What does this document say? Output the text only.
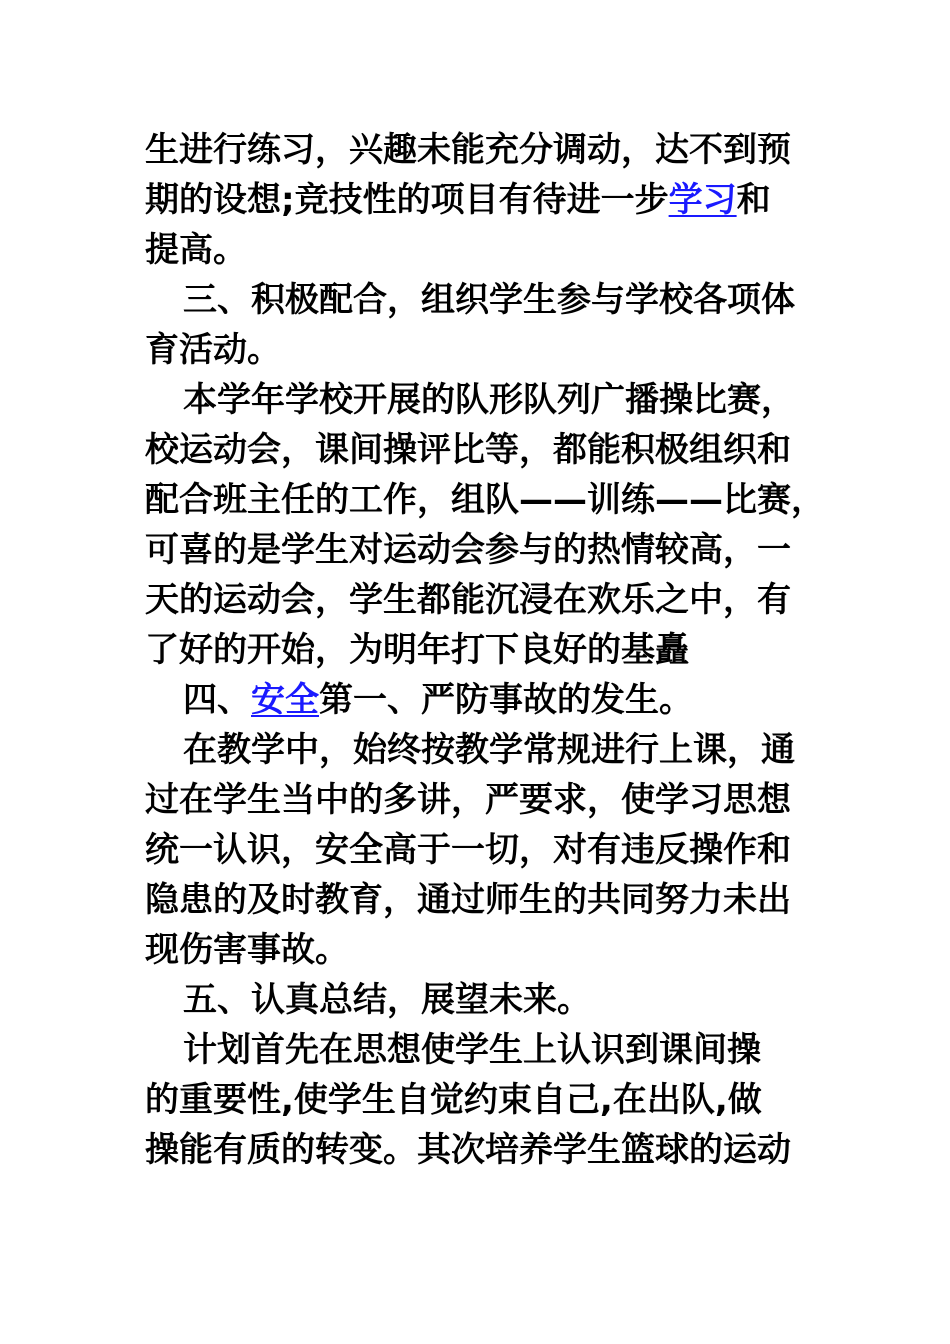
生进行练习，兴趣未能充分调动，达不到预
期的设想;竞技性的项目有待进一步学习和
提高。
三、积极配合，组织学生参与学校各项体
育活动。
本学年学校开展的队形队列广播操比赛，
校运动会，课间操评比等，都能积极组织和
配合班主任的工作，组队——训练——比赛，
可喜的是学生对运动会参与的热情较高，一
天的运动会，学生都能沉浸在欢乐之中，有
了好的开始，为明年打下良好的基矗
四、安全第一、严防事故的发生。
在教学中，始终按教学常规进行上课，通
过在学生当中的多讲，严要求，使学习思想
统一认识，安全高于一切，对有违反操作和
隐患的及时教育，通过师生的共同努力未出
现伤害事故。
五、认真总结，展望未来。
计划首先在思想使学生上认识到课间操
的重要性,使学生自觉约束自己,在出队,做
操能有质的转变。其次培养学生篮球的运动
